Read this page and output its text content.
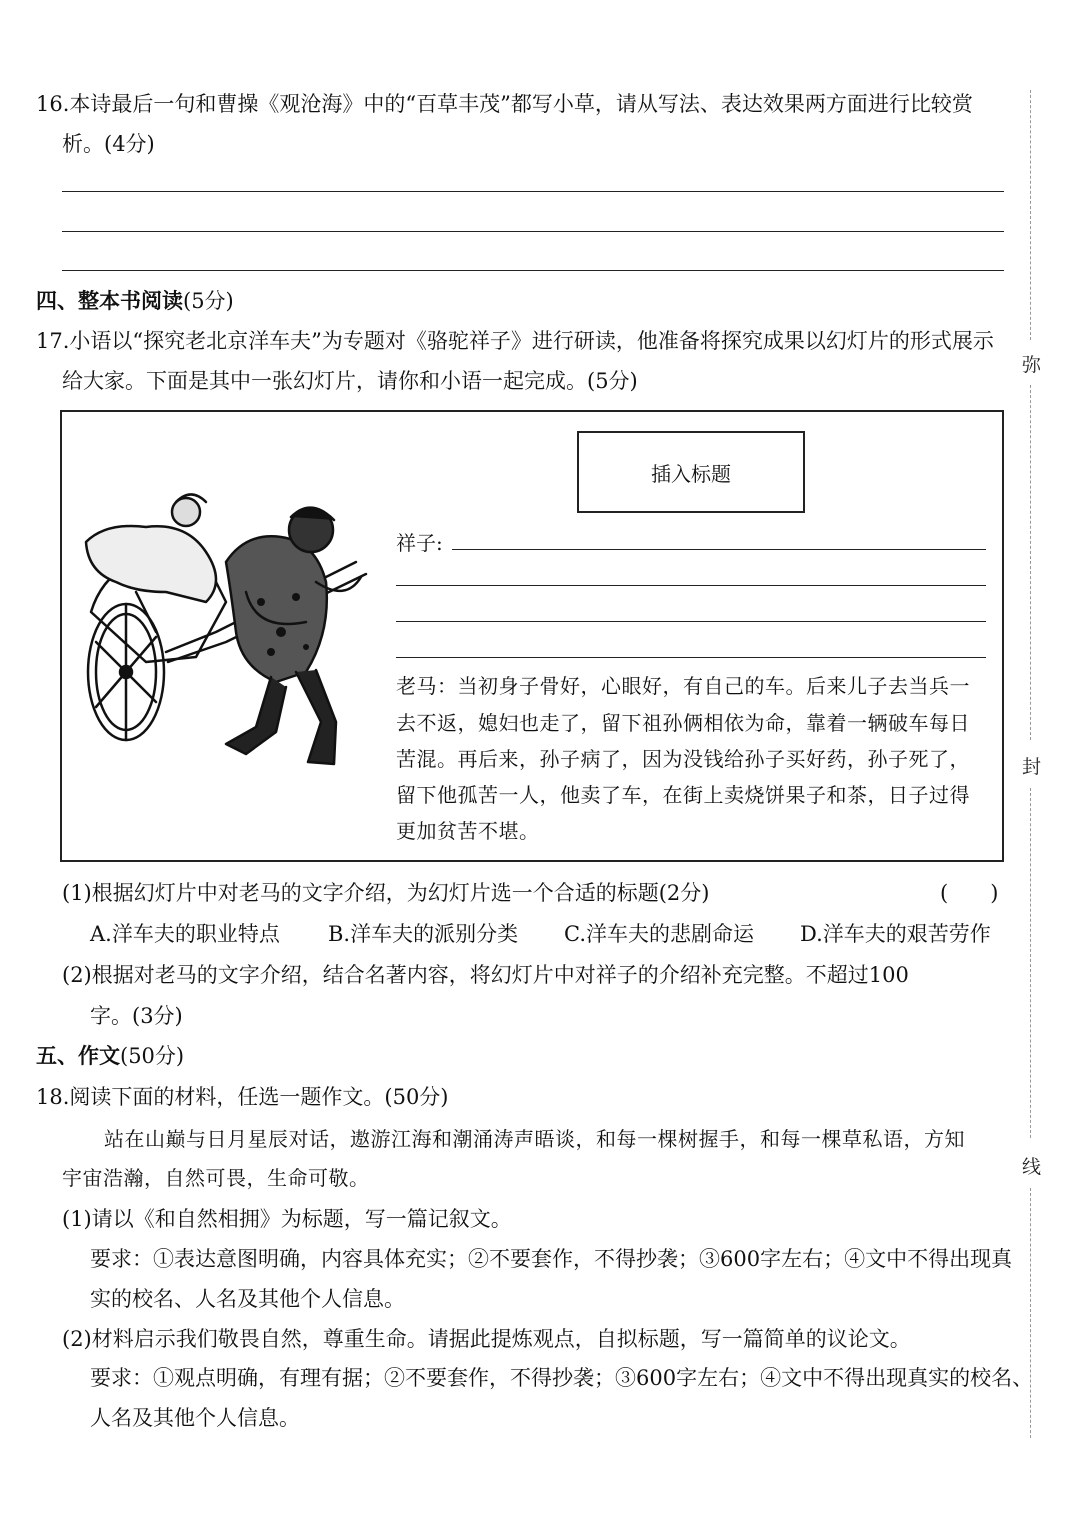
16.本诗最后一句和曹操《观沧海》中的“百草丰茂”都写小草，请从写法、表达效果两方面进行比较赏
析。(4分)
四、整本书阅读(5分)
17.小语以“探究老北京洋车夫”为专题对《骆驼祥子》进行研读，他准备将探究成果以幻灯片的形式展示
给大家。下面是其中一张幻灯片，请你和小语一起完成。(5分)
插入标题
祥子:
老马：当初身子骨好，心眼好，有自己的车。后来儿子去当兵一
去不返，媳妇也走了，留下祖孙俩相依为命，靠着一辆破车每日
苦混。再后来，孙子病了，因为没钱给孙子买好药，孙子死了，
留下他孤苦一人，他卖了车，在街上卖烧饼果子和茶，日子过得
更加贫苦不堪。
(1)根据幻灯片中对老马的文字介绍，为幻灯片选一个合适的标题(2分)	(　　)
A.洋车夫的职业特点 B.洋车夫的派别分类 C.洋车夫的悲剧命运 D.洋车夫的艰苦劳作
(2)根据对老马的文字介绍，结合名著内容，将幻灯片中对祥子的介绍补充完整。不超过100
字。(3分)
五、作文(50分)
18.阅读下面的材料，任选一题作文。(50分)
站在山巅与日月星辰对话，遨游江海和潮涌涛声晤谈，和每一棵树握手，和每一棵草私语，方知
宇宙浩瀚，自然可畏，生命可敬。
(1)请以《和自然相拥》为标题，写一篇记叙文。
要求：①表达意图明确，内容具体充实；②不要套作，不得抄袭；③600字左右；④文中不得出现真
实的校名、人名及其他个人信息。
(2)材料启示我们敬畏自然，尊重生命。请据此提炼观点，自拟标题，写一篇简单的议论文。
要求：①观点明确，有理有据；②不要套作，不得抄袭；③600字左右；④文中不得出现真实的校名、
人名及其他个人信息。
弥
封
线
